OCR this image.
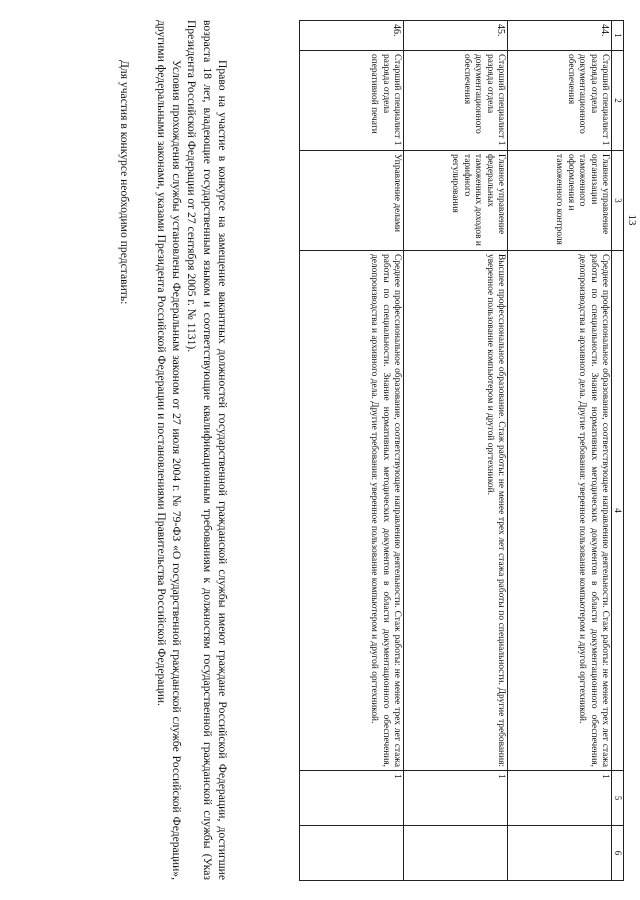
13
1	2	3	4	5	6
44.	Старший специалист 1 разряда отдела документационного обеспечения	Главное управление организации таможенного оформления и таможенного контроля	Среднее профессиональное образование, соответствующее направлению деятельности. Стаж работы: не менее трех лет стажа работы по специальности. Знание нормативных методических документов в области документационного обеспечения, делопроизводства и архивного дела. Другие требования: уверенное пользование компьютером и другой оргтехникой.	1	
45.	Старший специалист 1 разряда отдела документационного обеспечения	Главное управление федеральных таможенных доходов и тарифного регулирования	Высшее профессиональное образование. Стаж работы: не менее трех лет стажа работы по специальности. Другие требования: уверенное пользование компьютером и другой оргтехникой.	1	
46.	Старший специалист 1 разряда отдела оперативной печати	Управление делами	Среднее профессиональное образование, соответствующее направлению деятельности. Стаж работы: не менее трех лет стажа работы по специальности. Знание нормативных методических документов в области документационного обеспечения, делопроизводства и архивного дела. Другие требования: уверенное пользование компьютером и другой оргтехникой.	1	

Право на участие в конкурсе на замещение вакантных должностей государственной гражданской службы имеют граждане Российской Федерации, достигшие возраста 18 лет, владеющие государственным языком и соответствующие квалификационным требованиям к должностям государственной гражданской службы (Указ Президента Российской Федерации от 27 сентября 2005 г. № 1131).

Условия прохождения службы установлены Федеральным законом от 27 июля 2004 г. № 79-ФЗ «О государственной гражданской службе Российской Федерации», другими федеральными законами, указами Президента Российской Федерации и постановлениями Правительства Российской Федерации.

Для участия в конкурсе необходимо представить:
